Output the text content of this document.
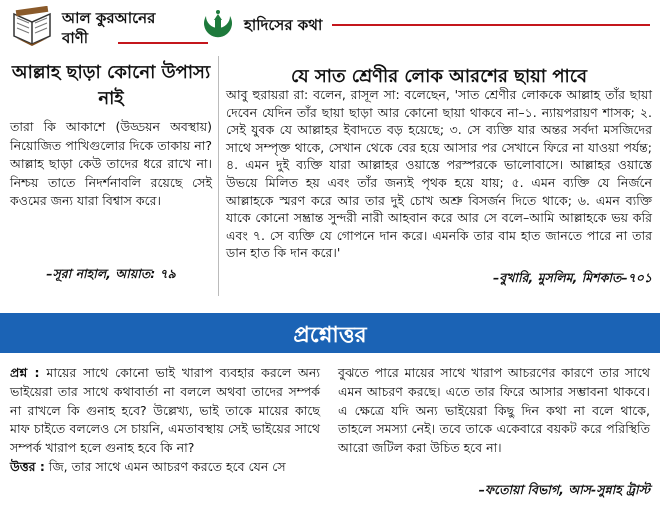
আল কুরআনের বাণী
হাদিসের কথা
আল্লাহ ছাড়া কোনো উপাস্য নাই
তারা কি আকাশে (উড্ডয়ন অবস্থায়) নিয়োজিত পাখিগুলোর দিকে তাকায় না? আল্লাহ ছাড়া কেউ তাদের ধরে রাখে না। নিশ্চয় তাতে নিদর্শনাবলি রয়েছে সেই কওমের জন্য যারা বিশ্বাস করে।
–সূরা নাহাল, আয়াত: ৭৯
যে সাত শ্রেণীর লোক আরশের ছায়া পাবে
আবু হুরায়রা রা: বলেন, রাসূল সা: বলেছেন, 'সাত শ্রেণীর লোককে আল্লাহ তাঁর ছায়া দেবেন যেদিন তাঁর ছায়া ছাড়া আর কোনো ছায়া থাকবে না–১. ন্যায়পরায়ণ শাসক; ২. সেই যুবক যে আল্লাহর ইবাদতে বড় হয়েছে; ৩. সে ব্যক্তি যার অন্তর সর্বদা মসজিদের সাথে সম্পৃক্ত থাকে, সেখান থেকে বের হয়ে আসার পর সেখানে ফিরে না যাওয়া পর্যন্ত; ৪. এমন দুই ব্যক্তি যারা আল্লাহর ওয়াস্তে পরস্পরকে ভালোবাসে। আল্লাহর ওয়াস্তে উভয়ে মিলিত হয় এবং তাঁর জন্যই পৃথক হয়ে যায়; ৫. এমন ব্যক্তি যে নির্জনে আল্লাহকে স্মরণ করে আর তার দুই চোখ অশ্রু বিসর্জন দিতে থাকে; ৬. এমন ব্যক্তি যাকে কোনো সম্ভ্রান্ত সুন্দরী নারী আহবান করে আর সে বলে–আমি আল্লাহকে ভয় করি এবং ৭. সে ব্যক্তি যে গোপনে দান করে। এমনকি তার বাম হাত জানতে পারে না তার ডান হাত কি দান করে।'
–বুখারি, মুসলিম, মিশকাত–৭০১
প্রশ্নোত্তর
প্রশ্ন : মায়ের সাথে কোনো ভাই খারাপ ব্যবহার করলে অন্য ভাইয়েরা তার সাথে কথাবার্তা না বললে অথবা তাদের সম্পর্ক না রাখলে কি গুনাহ হবে? উল্লেখ্য, ভাই তাকে মায়ের কাছে মাফ চাইতে বললেও সে চায়নি, এমতাবস্থায় সেই ভাইয়ের সাথে সম্পর্ক খারাপ হলে গুনাহ হবে কি না?
উত্তর : জি, তার সাথে এমন আচরণ করতে হবে যেন সে
বুঝতে পারে মায়ের সাথে খারাপ আচরণের কারণে তার সাথে এমন আচরণ করছে। এতে তার ফিরে আসার সম্ভাবনা থাকবে। এ ক্ষেত্রে যদি অন্য ভাইয়েরা কিছু দিন কথা না বলে থাকে, তাহলে সমস্যা নেই। তবে তাকে একেবারে বয়কট করে পরিস্থিতি আরো জটিল করা উচিত হবে না।
–ফতোয়া বিভাগ, আস-সুন্নাহ ট্রাস্ট
